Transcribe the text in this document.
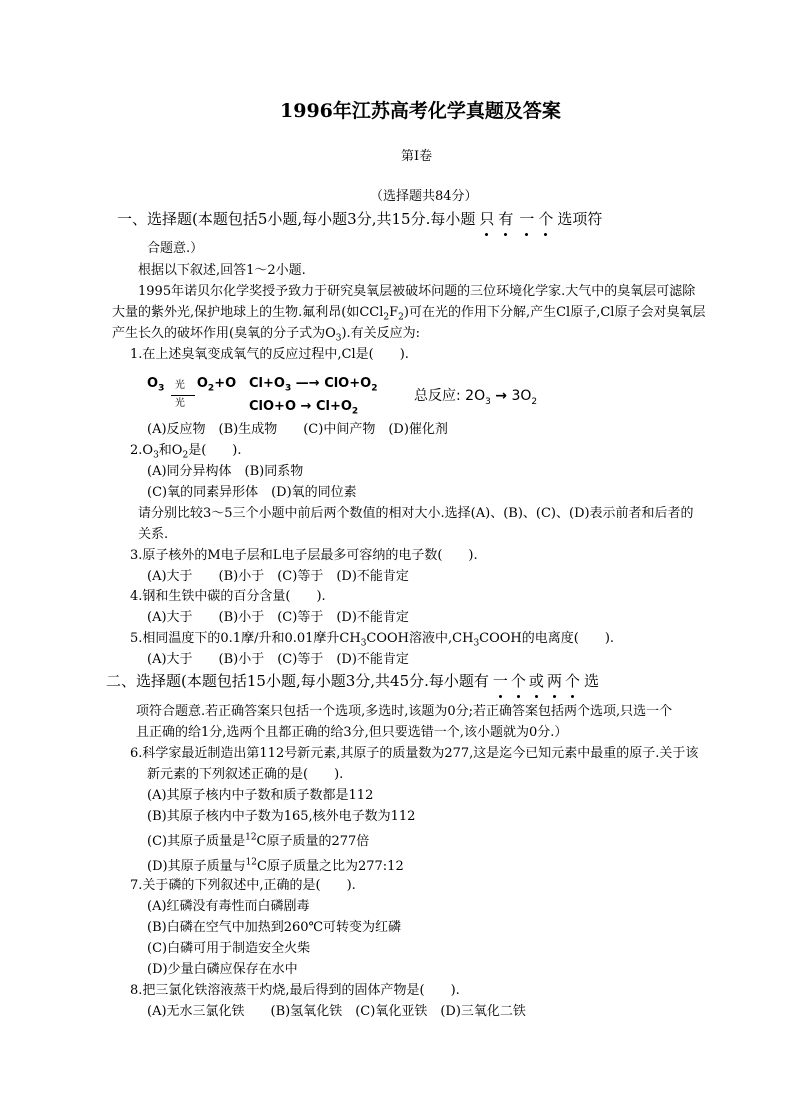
1996年江苏高考化学真题及答案
第I卷
（选择题共84分）
一、选择题(本题包括5小题,每小题3分,共15分.每小题 只 有 一 个 选项符
合题意.）
根据以下叙述,回答1～2小题.
1995年诺贝尔化学奖授予致力于研究臭氧层被破坏问题的三位环境化学家.大气中的臭氧层可滤除
大量的紫外光,保护地球上的生物.氟利昂(如$CCl_2F_2$)可在光的作用下分解,产生Cl原子,Cl原子会对臭氧层
产生长久的破坏作用(臭氧的分子式为$O_3$).有关反应为:
1.在上述臭氧变成氧气的反应过程中,Cl是(　　).
$O_3$ 光
光
$O_2+O$ $Cl+O_3$ —→ $ClO+O_2$
$ClO+O \to Cl+O_2$
总反应: $2O_3 \to 3O_2$
(A)反应物　(B)生成物　　(C)中间产物　(D)催化剂
$2.O_3$和$O_2$是(　　).
(A)同分异构体　(B)同系物
(C)氧的同素异形体　(D)氧的同位素
请分别比较3～5三个小题中前后两个数值的相对大小.选择(A)、(B)、(C)、(D)表示前者和后者的
关系.
3.原子核外的M电子层和L电子层最多可容纳的电子数(　　).
(A)大于　　(B)小于　(C)等于　(D)不能肯定
4.钢和生铁中碳的百分含量(　　).
(A)大于　　(B)小于　(C)等于　(D)不能肯定
5.相同温度下的0.1摩/升和0.01摩升$CH_3COOH$溶液中$,CH_3COOH$的电离度(　　).
(A)大于　　(B)小于　(C)等于　(D)不能肯定
二、选择题(本题包括15小题,每小题3分,共45分.每小题有 一 个 或 两 个 选
项符合题意.若正确答案只包括一个选项,多选时,该题为0分;若正确答案包括两个选项,只选一个
且正确的给1分,选两个且都正确的给3分,但只要选错一个,该小题就为0分.）
6.科学家最近制造出第112号新元素,其原子的质量数为277,这是迄今已知元素中最重的原子.关于该
新元素的下列叙述正确的是(　　).
(A)其原子核内中子数和质子数都是112
(B)其原子核内中子数为165,核外电子数为112
(C)其原子质量是$^{12}$C原子质量的277倍
(D)其原子质量与$^{12}$C原子质量之比为277:12
7.关于磷的下列叙述中,正确的是(　　).
(A)红磷没有毒性而白磷剧毒
(B)白磷在空气中加热到260℃可转变为红磷
(C)白磷可用于制造安全火柴
(D)少量白磷应保存在水中
8.把三氯化铁溶液蒸干灼烧,最后得到的固体产物是(　　).
(A)无水三氯化铁　　(B)氢氧化铁　(C)氧化亚铁　(D)三氧化二铁
